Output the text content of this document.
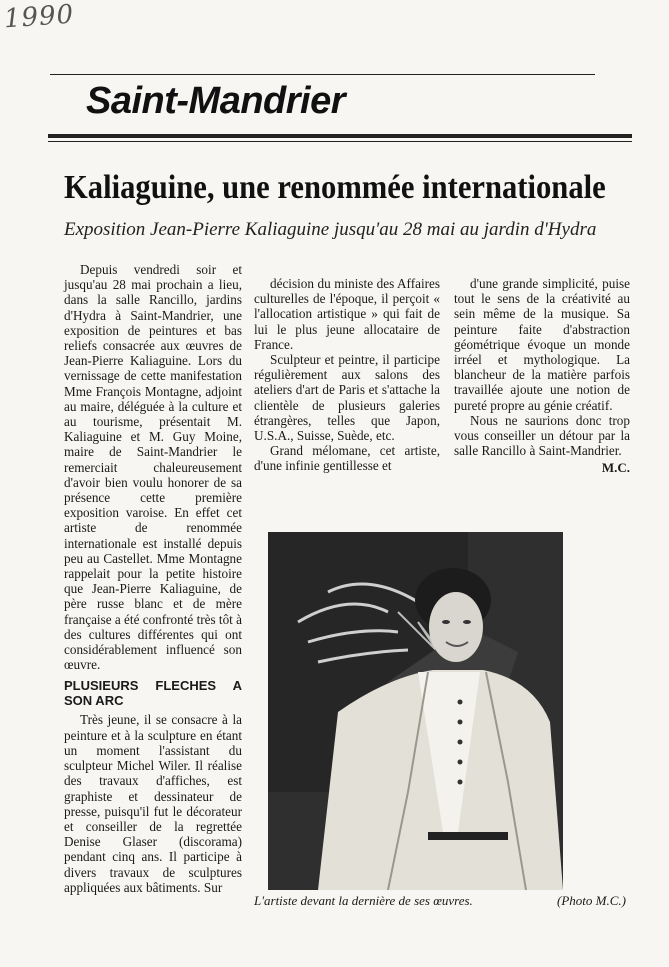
1990
Saint-Mandrier
Kaliaguine, une renommée internationale
Exposition Jean-Pierre Kaliaguine jusqu'au 28 mai au jardin d'Hydra

Depuis vendredi soir et jusqu'au 28 mai prochain a lieu, dans la salle Rancillo, jardins d'Hydra à Saint-Mandrier, une exposition de peintures et bas reliefs consacrée aux œuvres de Jean-Pierre Kaliaguine. Lors du vernissage de cette manifestation Mme François Montagne, adjoint au maire, déléguée à la culture et au tourisme, présentait M. Kaliaguine et M. Guy Moine, maire de Saint-Mandrier le remerciait chaleureusement d'avoir bien voulu honorer de sa présence cette première exposition varoise. En effet cet artiste de renommée internationale est installé depuis peu au Castellet. Mme Montagne rappelait pour la petite histoire que Jean-Pierre Kaliaguine, de père russe blanc et de mère française a été confronté très tôt à des cultures différentes qui ont considérablement influencé son œuvre.

PLUSIEURS FLECHES A SON ARC

Très jeune, il se consacre à la peinture et à la sculpture en étant un moment l'assistant du sculpteur Michel Wiler. Il réalise des travaux d'affiches, est graphiste et dessinateur de presse, puisqu'il fut le décorateur et conseiller de la regrettée Denise Glaser (discorama) pendant cinq ans. Il participe à divers travaux de sculptures appliquées aux bâtiments. Sur

décision du ministe des Affaires culturelles de l'époque, il perçoit « l'allocation artistique » qui fait de lui le plus jeune allocataire de France.

Sculpteur et peintre, il participe régulièrement aux salons des ateliers d'art de Paris et s'attache la clientèle de plusieurs galeries étrangères, telles que Japon, U.S.A., Suisse, Suède, etc.

Grand mélomane, cet artiste, d'une infinie gentillesse et

d'une grande simplicité, puise tout le sens de la créativité au sein même de la musique. Sa peinture faite d'abstraction géométrique évoque un monde irréel et mythologique. La blancheur de la matière parfois travaillée ajoute une notion de pureté propre au génie créatif.

Nous ne saurions donc trop vous conseiller un détour par la salle Rancillo à Saint-Mandrier.

M.C.
L'artiste devant la dernière de ses œuvres.	(Photo M.C.)
